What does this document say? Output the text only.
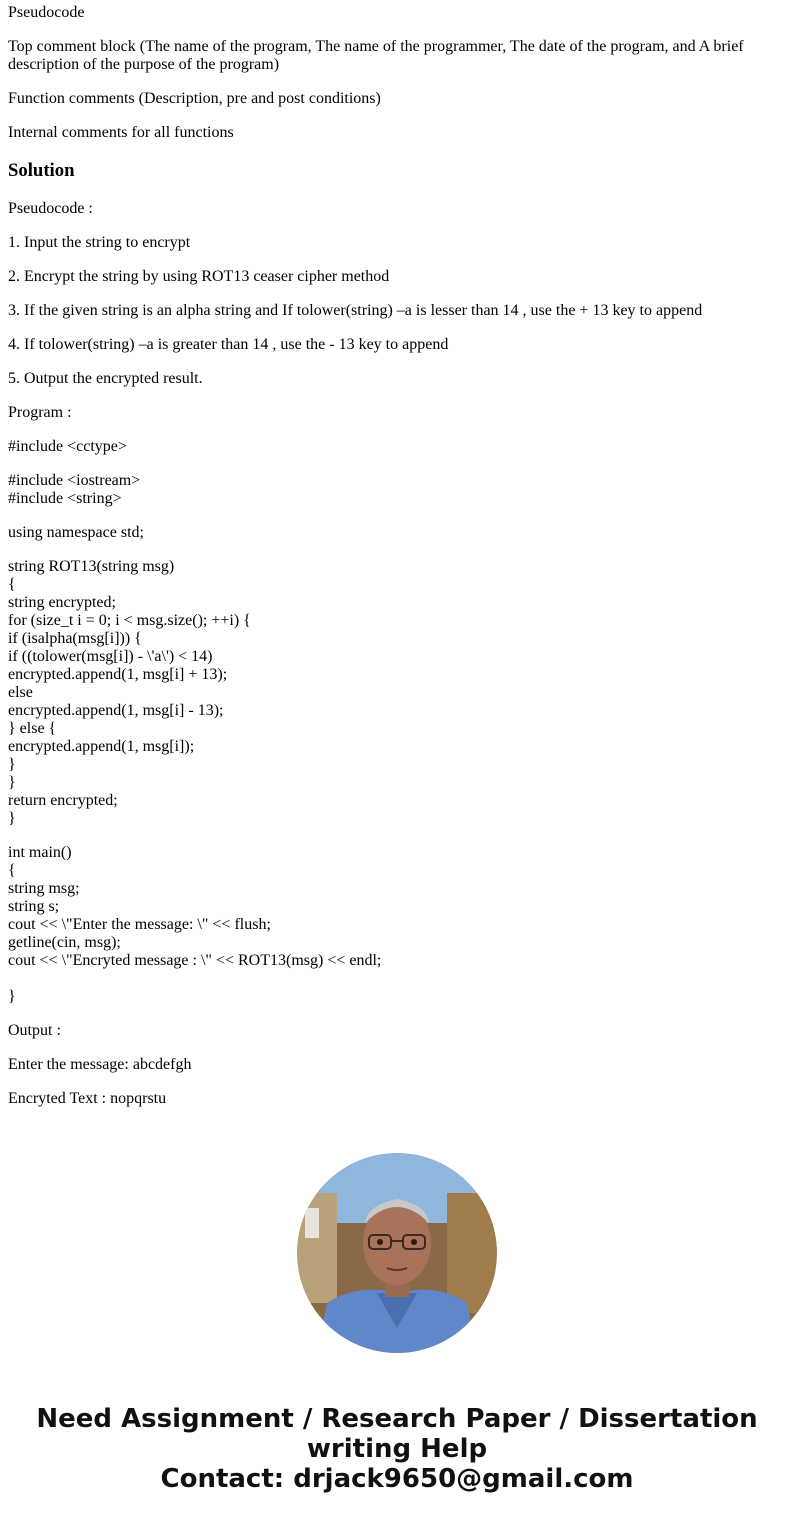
Pseudocode

Top comment block (The name of the program, The name of the programmer, The date of the program, and A brief description of the purpose of the program)

Function comments (Description, pre and post conditions)

Internal comments for all functions

Solution

Pseudocode :

1. Input the string to encrypt

2. Encrypt the string by using ROT13 ceaser cipher method

3. If the given string is an alpha string and If tolower(string) –a is lesser than 14 , use the + 13 key to append

4. If tolower(string) –a is greater than 14 , use the - 13 key to append

5. Output the encrypted result.

Program :

#include <cctype>

#include <iostream>
#include <string>

using namespace std;

string ROT13(string msg)
{
string encrypted;
for (size_t i = 0; i < msg.size(); ++i) {
if (isalpha(msg[i])) {
if ((tolower(msg[i]) - \'a\') < 14)
encrypted.append(1, msg[i] + 13);
else
encrypted.append(1, msg[i] - 13);
} else {
encrypted.append(1, msg[i]);
}
}
return encrypted;
}

int main()
{
string msg;
string s;
cout << \"Enter the message: \" << flush;
getline(cin, msg);
cout << \"Encryted message : \" << ROT13(msg) << endl;
}

Output :

Enter the message: abcdefgh

Encryted Text : nopqrstu

Need Assignment / Research Paper / Dissertation
writing Help
Contact: drjack9650@gmail.com
